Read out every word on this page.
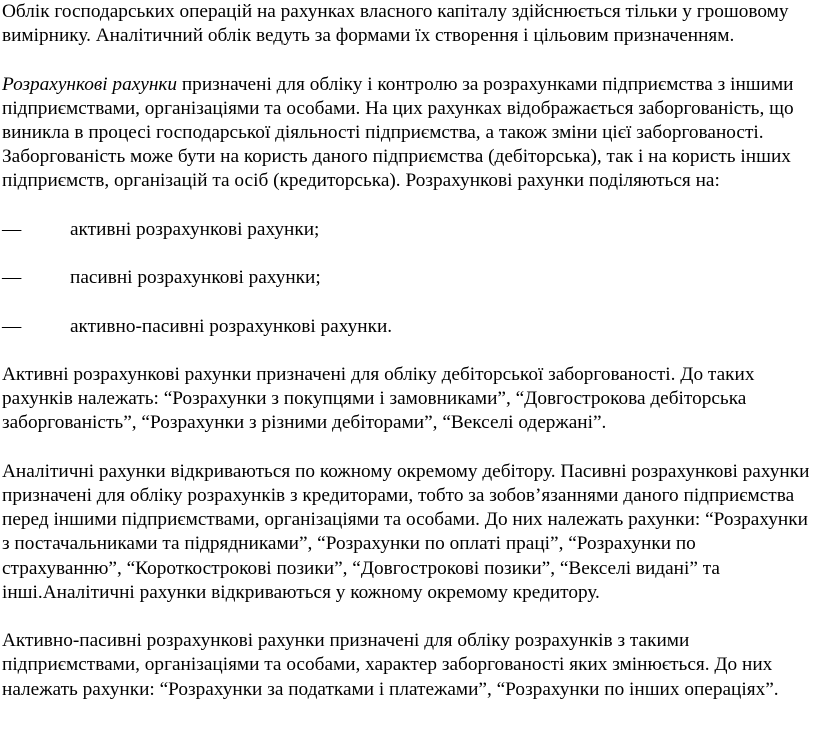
Облік господарських операцій на рахунках власного капіталу здійснюється тільки у грошовому вимірнику. Аналітичний облік ведуть за формами їх створення і цільовим призначенням.

Розрахункові рахунки призначені для обліку і контролю за розрахунками підприємства з іншими підприємствами, організаціями та особами. На цих рахунках відображається заборгованість, що виникла в процесі господарської діяльності підприємства, а також зміни цієї заборгованості. Заборгованість може бути на користь даного підприємства (дебіторська), так і на користь інших підприємств, організацій та осіб (кредиторська). Розрахункові рахунки поділяються на:

—	активні розрахункові рахунки;
—	пасивні розрахункові рахунки;
—	активно-пасивні розрахункові рахунки.

Активні розрахункові рахунки призначені для обліку дебіторської заборгованості. До таких рахунків належать: “Розрахунки з покупцями і замовниками”, “Довгострокова дебіторська заборгованість”, “Розрахунки з різними дебіторами”, “Векселі одержані”.

Аналітичні рахунки відкриваються по кожному окремому дебітору. Пасивні розрахункові рахунки призначені для обліку розрахунків з кредиторами, тобто за зобов’язаннями даного підприємства перед іншими підприємствами, організаціями та особами. До них належать рахунки: “Розрахунки з постачальниками та підрядниками”, “Розрахунки по оплаті праці”, “Розрахунки по страхуванню”, “Короткострокові позики”, “Довгострокові позики”, “Векселі видані” та інші.Аналітичні рахунки відкриваються у кожному окремому кредитору.

Активно-пасивні розрахункові рахунки призначені для обліку розрахунків з такими підприємствами, організаціями та особами, характер заборгованості яких змінюється. До них належать рахунки: “Розрахунки за податками і платежами”, “Розрахунки по інших операціях”.
